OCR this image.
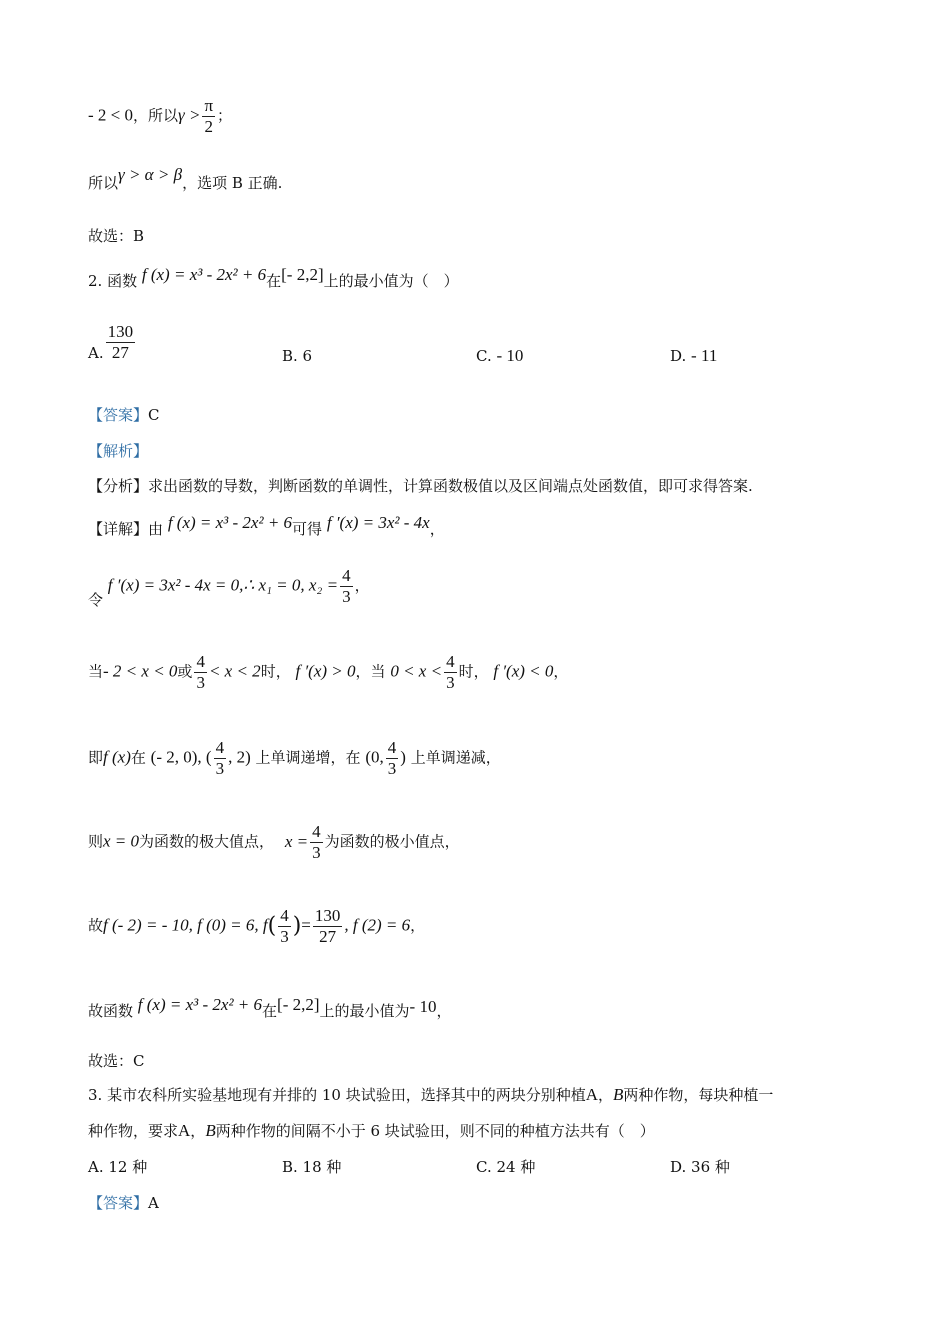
- 2 < 0，所以$\gamma > \frac{\pi}{2}$ ；
所以γ > α > β，选项 B 正确.
故选：B
2. 函数 f (x) = x³ - 2x² + 6在[- 2,2]上的最小值为（　）
A. $\frac{130}{27}$	B. 6	C. - 10	D. - 11
【答案】C
【解析】
【分析】求出函数的导数，判断函数的单调性，计算函数极值以及区间端点处函数值，即可求得答案.
【详解】由 f (x) = x³ - 2x² + 6可得 f ′(x) = 3x² - 4x，
令 f ′(x) = 3x² - 4x = 0,∴ x₁ = 0, $x_2 = \frac{4}{3}$ ，
当- 2 < x < 0或 $\frac{4}{3} < x < 2$时， f ′(x) > 0，当 $0 < x < \frac{4}{3}$ 时， f ′(x) < 0，
即f (x)在 (- 2, 0), ( $\frac{4}{3}$ , 2) 上单调递增，在 (0, $\frac{4}{3}$ ) 上单调递减，
则x = 0为函数的极大值点， $x = \frac{4}{3}$ 为函数的极小值点，
故f (- 2) = - 10, f (0) = 6, $f( \frac{4}{3}$ )= $\frac{130}{27}$ , f (2) = 6，
故函数 f (x) = x³ - 2x² + 6在[- 2,2]上的最小值为- 10，
故选：C
3. 某市农科所实验基地现有并排的 10 块试验田，选择其中的两块分别种植A，B两种作物，每块种植一
种作物，要求A，B两种作物的间隔不小于 6 块试验田，则不同的种植方法共有（　）
A. 12 种	B. 18 种	C. 24 种	D. 36 种
【答案】A
